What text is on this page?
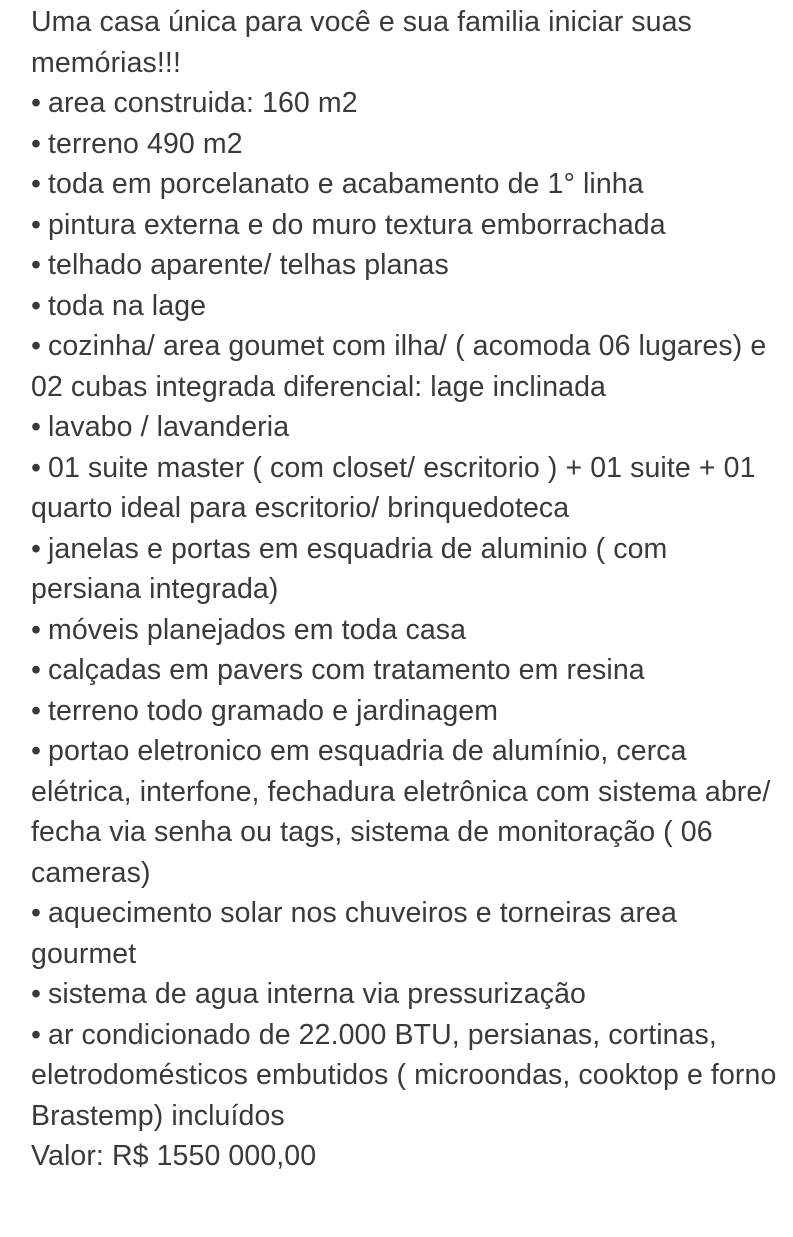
Uma casa única para você e sua familia iniciar suas memórias!!!

• area construida: 160 m2

• terreno 490 m2

• toda em porcelanato e acabamento de 1° linha

• pintura externa e do muro textura emborrachada

• telhado aparente/ telhas planas

• toda na lage

• cozinha/ area goumet com ilha/ ( acomoda 06 lugares) e 02 cubas integrada diferencial: lage inclinada

• lavabo / lavanderia

• 01 suite master ( com closet/ escritorio ) + 01 suite + 01 quarto ideal para escritorio/ brinquedoteca

• janelas e portas em esquadria de aluminio ( com persiana integrada)

• móveis planejados em toda casa

• calçadas em pavers com tratamento em resina

• terreno todo gramado e jardinagem

• portao eletronico em esquadria de alumínio, cerca elétrica, interfone, fechadura eletrônica com sistema abre/ fecha via senha ou tags, sistema de monitoração ( 06 cameras)

• aquecimento solar nos chuveiros e torneiras area gourmet

• sistema de agua interna via pressurização

• ar condicionado de 22.000 BTU, persianas, cortinas, eletrodomésticos embutidos ( microondas, cooktop e forno Brastemp) incluídos

Valor: R$ 1550 000,00
